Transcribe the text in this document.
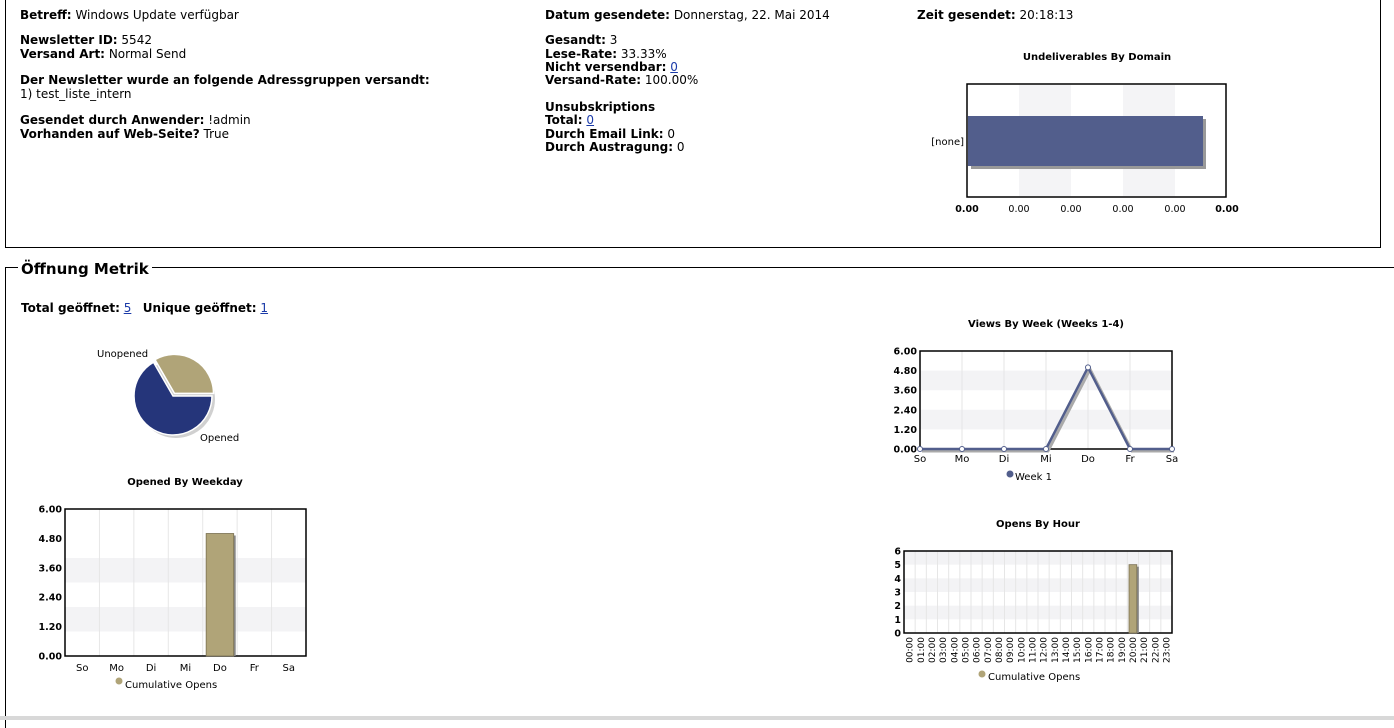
Betreff: Windows Update verfügbar
Newsletter ID: 5542
Versand Art: Normal Send
Der Newsletter wurde an folgende Adressgruppen versandt:
1) test_liste_intern
Gesendet durch Anwender: !admin
Vorhanden auf Web-Seite? True
Datum gesendete: Donnerstag, 22. Mai 2014
Gesandt: 3
Lese-Rate: 33.33%
Nicht versendbar: 0
Versand-Rate: 100.00%
Unsubskriptions
Total: 0
Durch Email Link: 0
Durch Austragung: 0
Zeit gesendet: 20:18:13
Undeliverables By Domain
[none]
0.00	0.00	0.00	0.00	0.00	0.00
Öffnung Metrik
Total geöffnet: 5 Unique geöffnet: 1
Unopened
Opened
Opened By Weekday
0.00
1.20
2.40
3.60
4.80
6.00
So Mo Di Mi Do Fr Sa
Cumulative Opens
Views By Week (Weeks 1-4)
0.00
1.20
2.40
3.60
4.80
6.00
So	Mo	Di	Mi	Do	Fr	Sa
Week 1
Opens By Hour
0
1
2
3
4
5
6
00:00 01:00 02:00 03:00 04:00 05:00 06:00 07:00 08:00 09:00 10:00 11:00 12:00 13:00 14:00 15:00 16:00 17:00 18:00 19:00 20:00 21:00 22:00 23:00
Cumulative Opens
